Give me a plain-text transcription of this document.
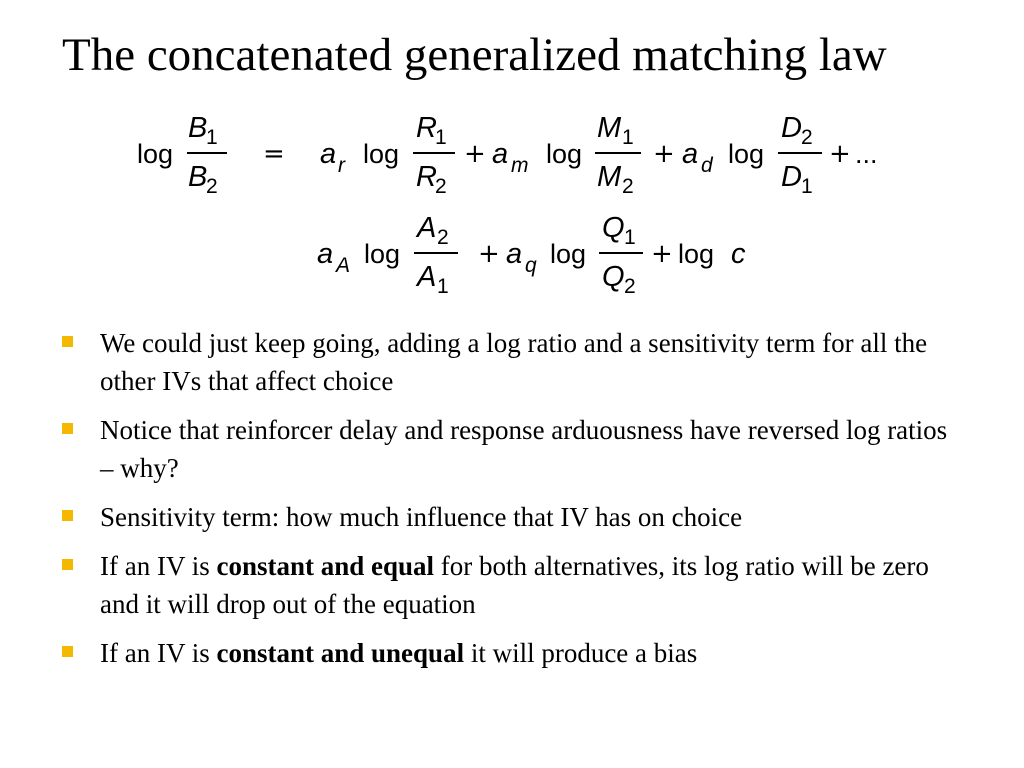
The concatenated generalized matching law
log
B
1
B
2
= a r log
R
1
R
2
+ a m log
M 1
M 2
+ a d log
D 2
D 1
+ ...
a A log
A 2
A 1
+ a q log
Q 1
Q 2
+ log c
We could just keep going, adding a log ratio and a sensitivity term for all the other IVs that affect choice
Notice that reinforcer delay and response arduousness have reversed log ratios – why?
Sensitivity term: how much influence that IV has on choice
If an IV is constant and equal for both alternatives, its log ratio will be zero and it will drop out of the equation
If an IV is constant and unequal it will produce a bias
